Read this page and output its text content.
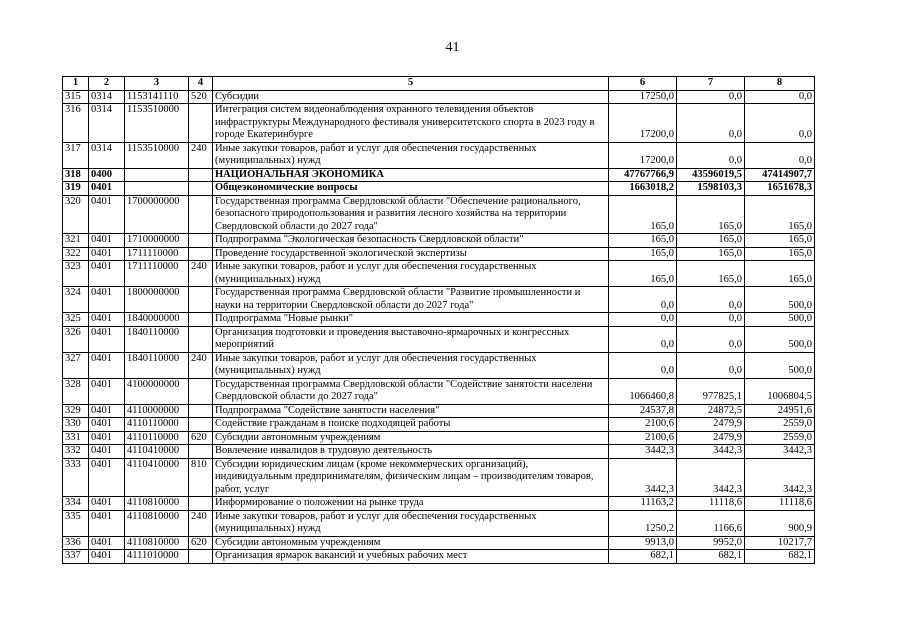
41
1	2	3	4	5	6	7	8
315	0314	1153141110	520	Субсидии	17250,0	0,0	0,0
316	0314	1153510000		Интеграция систем видеонаблюдения охранного телевидения объектов инфраструктуры Международного фестиваля университетского спорта в 2023 году в городе Екатеринбурге	17200,0	0,0	0,0
317	0314	1153510000	240	Иные закупки товаров, работ и услуг для обеспечения государственных (муниципальных) нужд	17200,0	0,0	0,0
318	0400			НАЦИОНАЛЬНАЯ ЭКОНОМИКА	47767766,9	43596019,5	47414907,7
319	0401			Общеэкономические вопросы	1663018,2	1598103,3	1651678,3
320	0401	1700000000		Государственная программа Свердловской области "Обеспечение рационального, безопасного природопользования и развития лесного хозяйства на территории Свердловской области до 2027 года"	165,0	165,0	165,0
321	0401	1710000000		Подпрограмма "Экологическая безопасность Свердловской области"	165,0	165,0	165,0
322	0401	1711110000		Проведение государственной экологической экспертизы	165,0	165,0	165,0
323	0401	1711110000	240	Иные закупки товаров, работ и услуг для обеспечения государственных (муниципальных) нужд	165,0	165,0	165,0
324	0401	1800000000		Государственная программа Свердловской области "Развитие промышленности и науки на территории Свердловской области до 2027 года"	0,0	0,0	500,0
325	0401	1840000000		Подпрограмма "Новые рынки"	0,0	0,0	500,0
326	0401	1840110000		Организация подготовки и проведения выставочно-ярмарочных и конгрессных мероприятий	0,0	0,0	500,0
327	0401	1840110000	240	Иные закупки товаров, работ и услуг для обеспечения государственных (муниципальных) нужд	0,0	0,0	500,0
328	0401	4100000000		Государственная программа Свердловской области "Содействие занятости населени Свердловской области до 2027 года"	1066460,8	977825,1	1006804,5
329	0401	4110000000		Подпрограмма "Содействие занятости населения"	24537,8	24872,5	24951,6
330	0401	4110110000		Содействие гражданам в поиске подходящей работы	2100,6	2479,9	2559,0
331	0401	4110110000	620	Субсидии автономным учреждениям	2100,6	2479,9	2559,0
332	0401	4110410000		Вовлечение инвалидов в трудовую деятельность	3442,3	3442,3	3442,3
333	0401	4110410000	810	Субсидии юридическим лицам (кроме некоммерческих организаций), индивидуальным предпринимателям, физическим лицам – производителям товаров, работ, услуг	3442,3	3442,3	3442,3
334	0401	4110810000		Информирование о положении на рынке труда	11163,2	11118,6	11118,6
335	0401	4110810000	240	Иные закупки товаров, работ и услуг для обеспечения государственных (муниципальных) нужд	1250,2	1166,6	900,9
336	0401	4110810000	620	Субсидии автономным учреждениям	9913,0	9952,0	10217,7
337	0401	4111010000		Организация ярмарок вакансий и учебных рабочих мест	682,1	682,1	682,1
